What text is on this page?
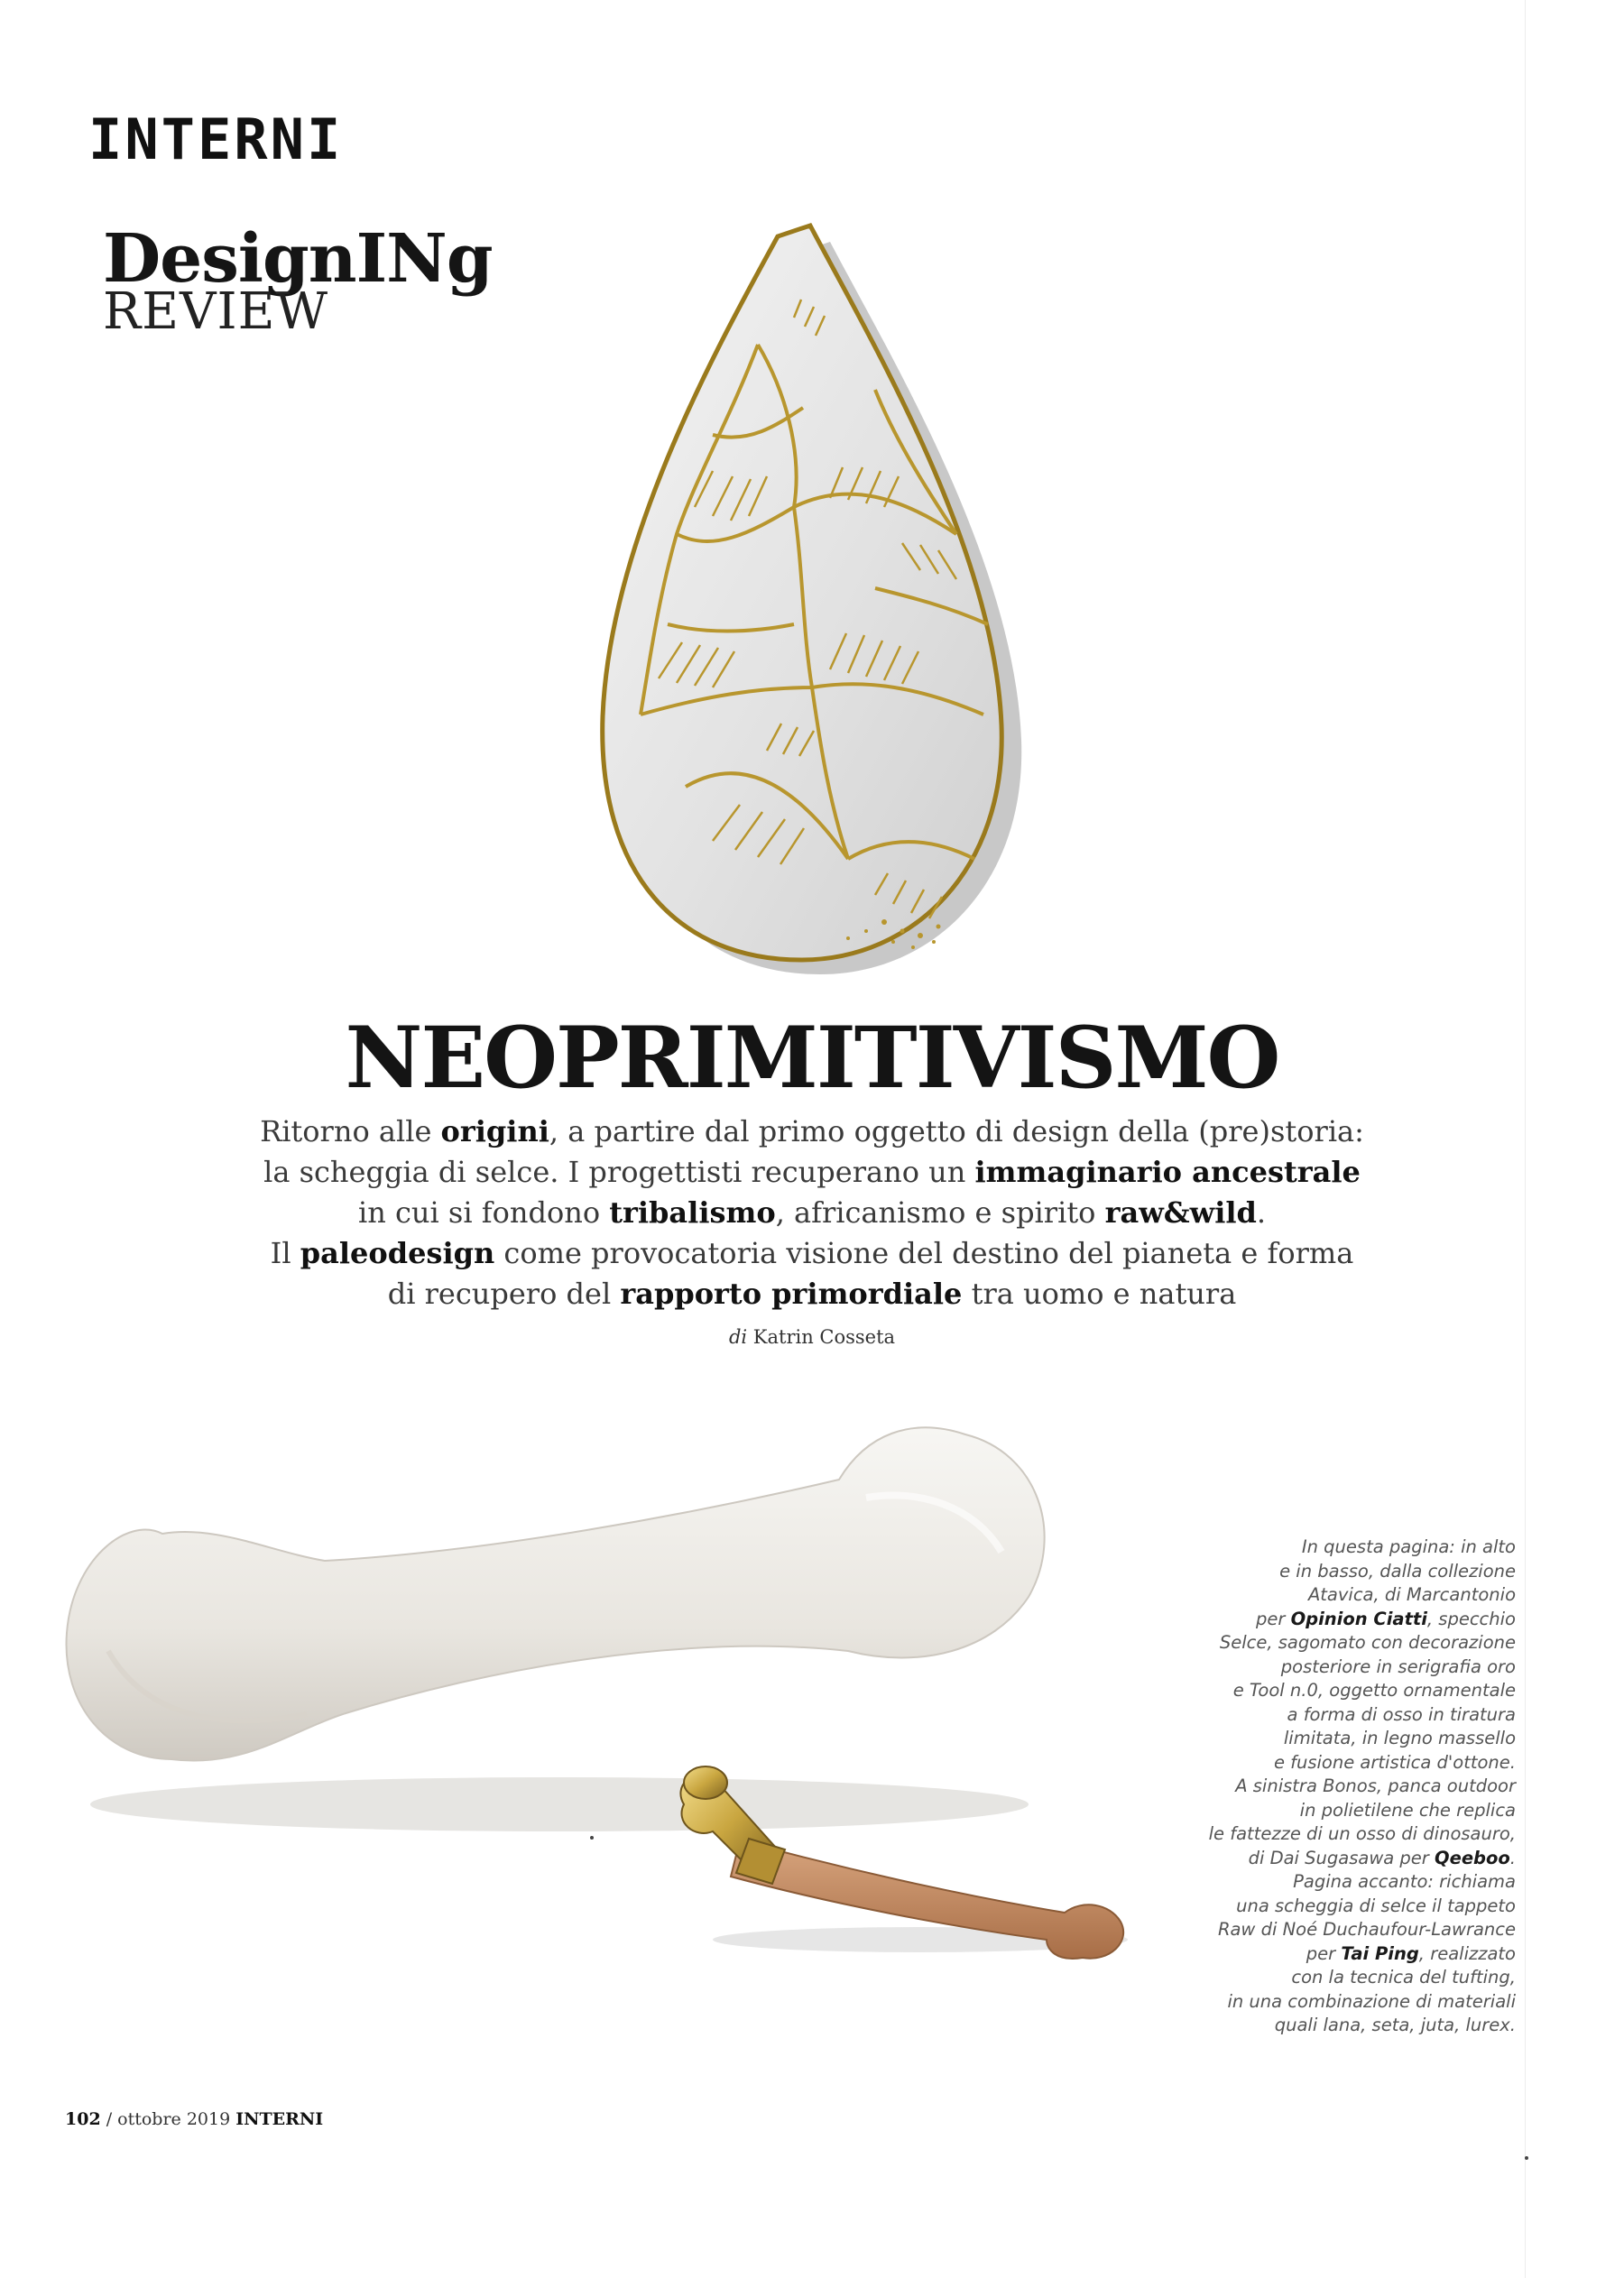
INTERNI
DesignINg
REVIEW
NEOPRIMITIVISMO
Ritorno alle origini, a partire dal primo oggetto di design della (pre)storia:
la scheggia di selce. I progettisti recuperano un immaginario ancestrale
in cui si fondono tribalismo, africanismo e spirito raw&wild.
Il paleodesign come provocatoria visione del destino del pianeta e forma
di recupero del rapporto primordiale tra uomo e natura
di Katrin Cosseta
In questa pagina: in alto
e in basso, dalla collezione
Atavica, di Marcantonio
per Opinion Ciatti, specchio
Selce, sagomato con decorazione
posteriore in serigrafia oro
e Tool n.0, oggetto ornamentale
a forma di osso in tiratura
limitata, in legno massello
e fusione artistica d'ottone.
A sinistra Bonos, panca outdoor
in polietilene che replica
le fattezze di un osso di dinosauro,
di Dai Sugasawa per Qeeboo.
Pagina accanto: richiama
una scheggia di selce il tappeto
Raw di Noé Duchaufour-Lawrance
per Tai Ping, realizzato
con la tecnica del tufting,
in una combinazione di materiali
quali lana, seta, juta, lurex.
102 / ottobre 2019 INTERNI
